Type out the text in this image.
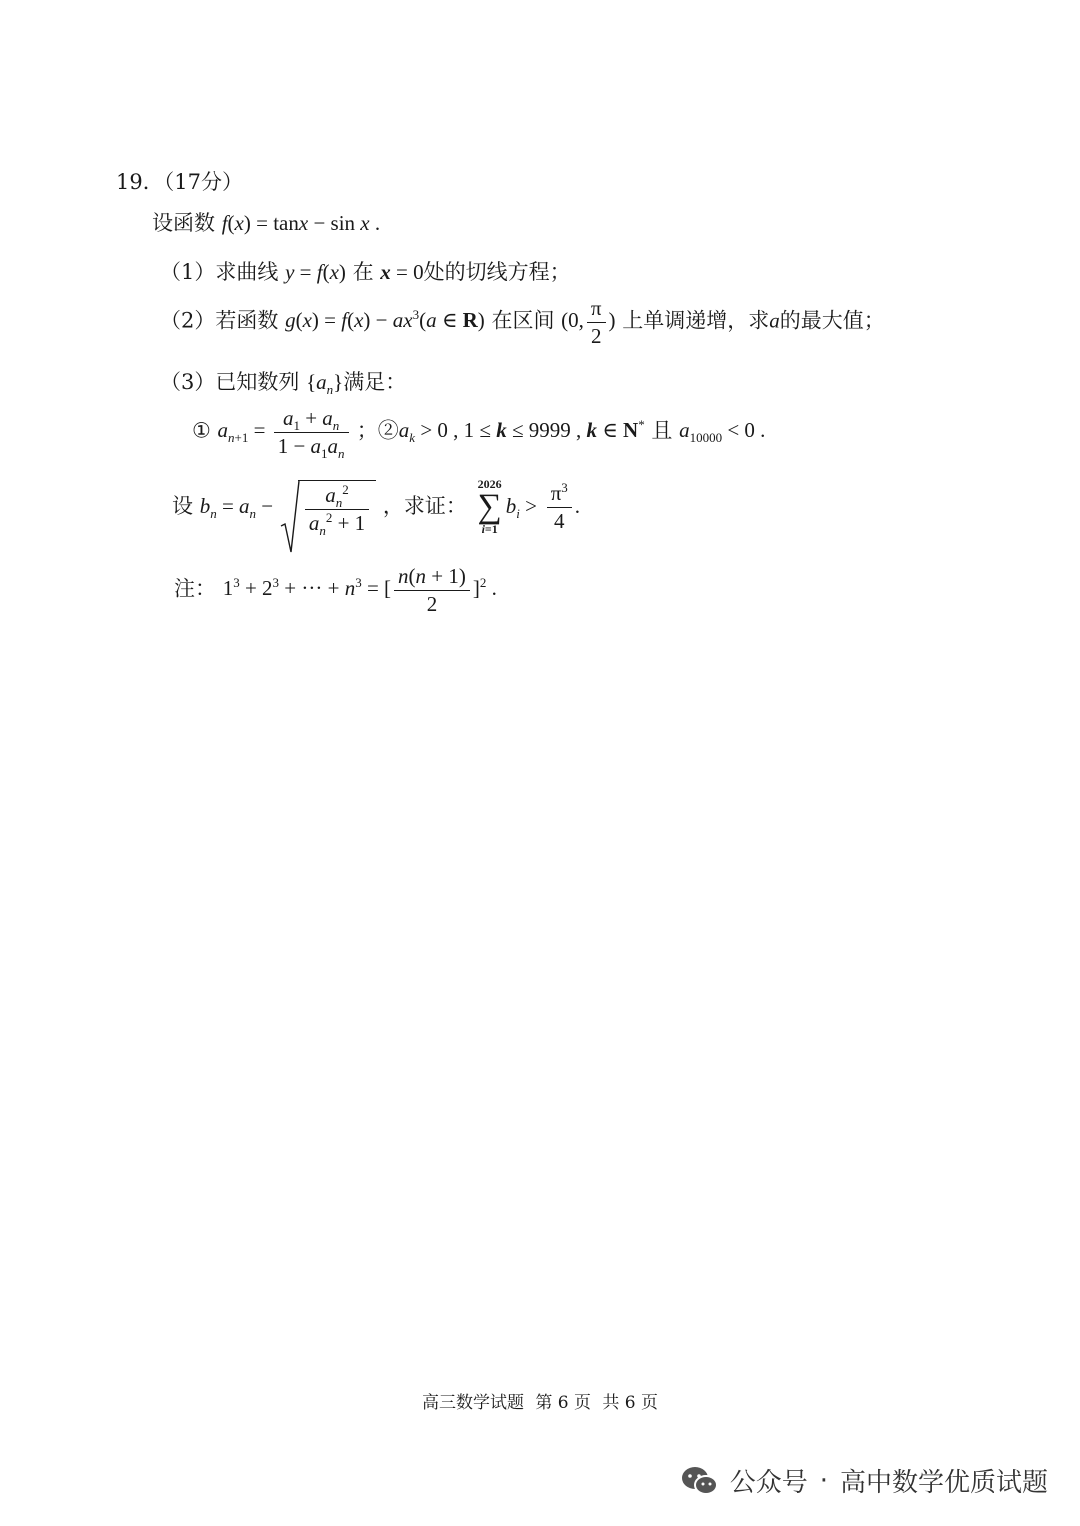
19．（17分）
设函数 f(x) = tanx − sin x .
（1）求曲线 y = f(x) 在 x = 0处的切线方程；
（2）若函数 $g(x) = f(x) - ax^3(a$ ∈ R) 在区间 (0, $\frac{\pi}{2}$ ) 上单调递增，求a的最大值；
（3）已知数列 $\{a_n\}$满足：
① $a_{n+1} = \frac{a_1 + a_n}{1 - a_1a_n}$ ；$②a_k > 0$ , 1 ≤ k ≤ 9999 , k ∈ N* 且 $a_{10000} < 0$ .
设 $b_n = a_n - \frac{a_n^2}{a_n^2 + 1}$ ，求证：
2026
∑
i=1
$b_i > \frac{\pi^3}{4}$ .
注： $1^3 + 2^3$ + ··· + $n^3$ = [ $\frac{n(n + 1)}{2} ]^2$ .
高三数学试题 第 6 页 共 6 页
公众号 · 高中数学优质试题
